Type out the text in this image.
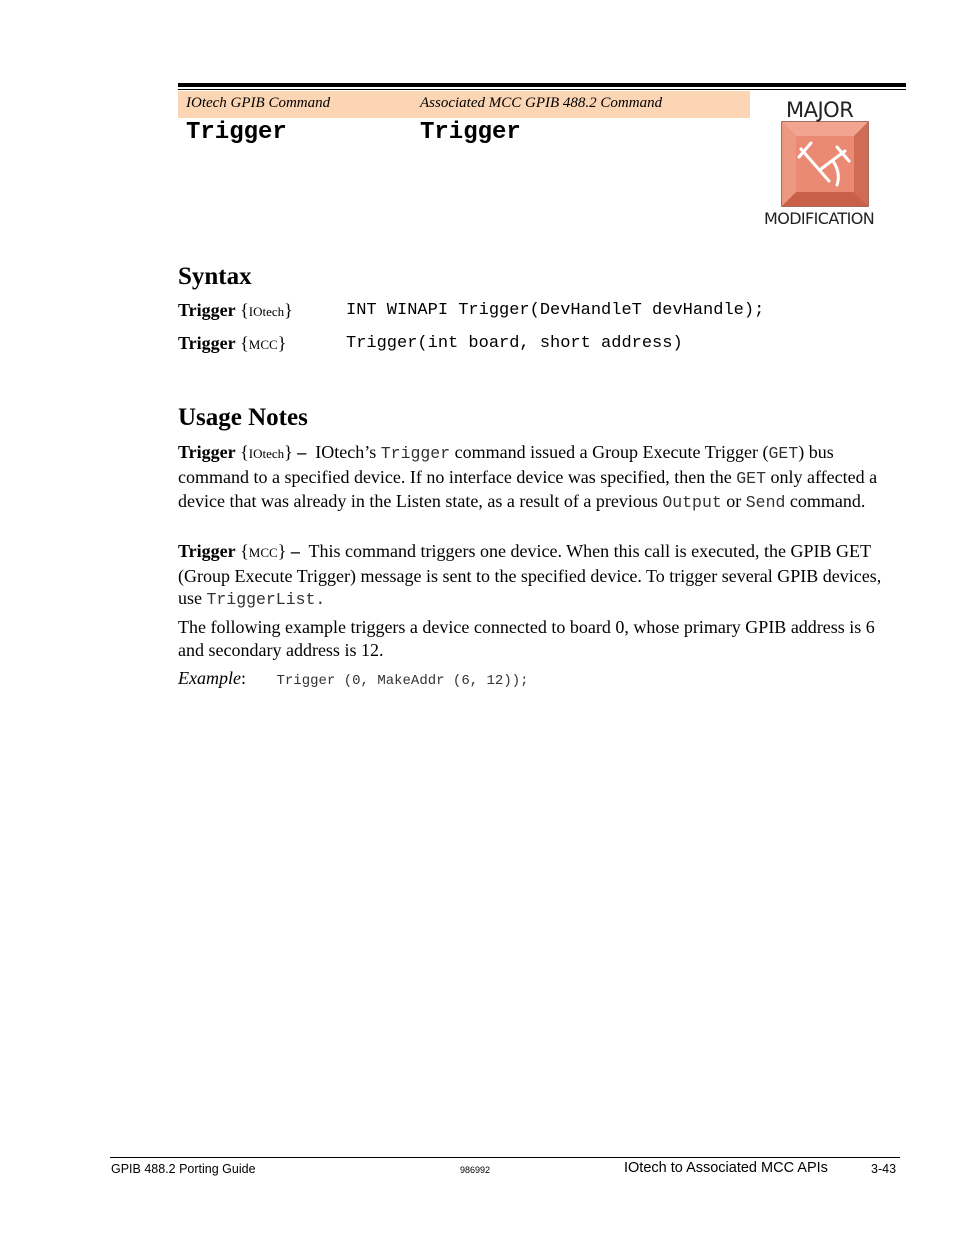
IOtech GPIB Command	Associated MCC GPIB 488.2 Command
Trigger	Trigger
MAJOR
MODIFICATION
Syntax
Trigger {IOtech}	INT WINAPI Trigger(DevHandleT devHandle);
Trigger {MCC}	Trigger(int board, short address)
Usage Notes

Trigger {IOtech} – IOtech’s Trigger command issued a Group Execute Trigger (GET) bus command to a specified device. If no interface device was specified, then the GET only affected a device that was already in the Listen state, as a result of a previous Output or Send command.

Trigger {MCC} – This command triggers one device. When this call is executed, the GPIB GET (Group Execute Trigger) message is sent to the specified device. To trigger several GPIB devices, use TriggerList.

The following example triggers a device connected to board 0, whose primary GPIB address is 6 and secondary address is 12.

Example: Trigger (0, MakeAddr (6, 12));
GPIB 488.2 Porting Guide	986992	IOtech to Associated MCC APIs	3-43
